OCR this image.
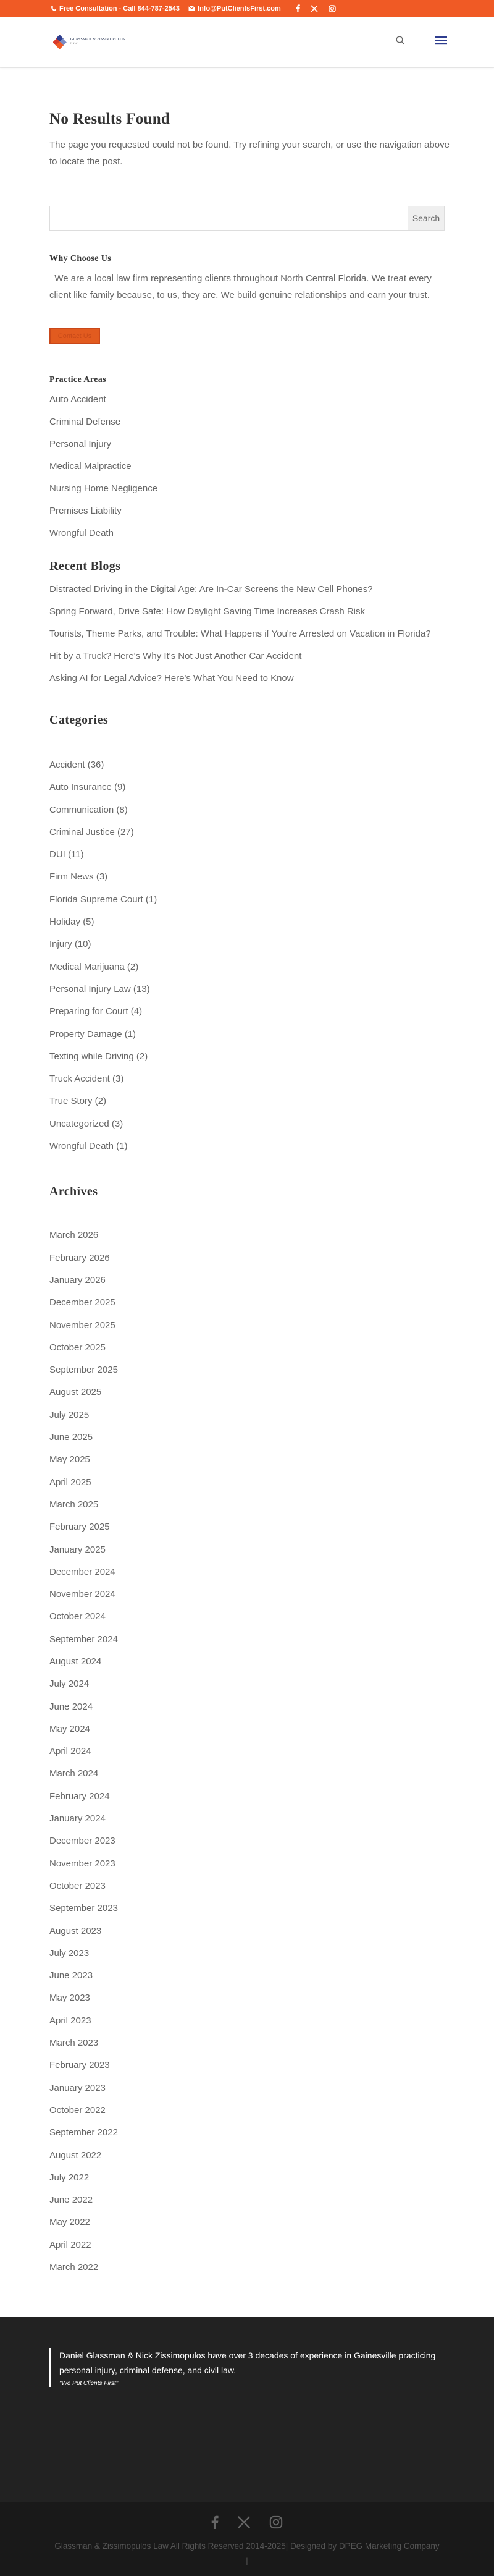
Free Consultation - Call 844-787-2543	Info@PutClientsFirst.com
GLASSMAN & ZISSIMOPULOS
LAW
No Results Found

The page you requested could not be found. Try refining your search, or use the navigation above to locate the post.

Search
Why Choose Us

We are a local law firm representing clients throughout North Central Florida. We treat every client like family because, to us, they are. We build genuine relationships and earn your trust.

Contact Us
Practice Areas
Auto Accident
Criminal Defense
Personal Injury
Medical Malpractice
Nursing Home Negligence
Premises Liability
Wrongful Death
Recent Blogs
Distracted Driving in the Digital Age: Are In-Car Screens the New Cell Phones?
Spring Forward, Drive Safe: How Daylight Saving Time Increases Crash Risk
Tourists, Theme Parks, and Trouble: What Happens if You're Arrested on Vacation in Florida?
Hit by a Truck? Here's Why It's Not Just Another Car Accident
Asking AI for Legal Advice? Here's What You Need to Know
Categories
Accident (36)
Auto Insurance (9)
Communication (8)
Criminal Justice (27)
DUI (11)
Firm News (3)
Florida Supreme Court (1)
Holiday (5)
Injury (10)
Medical Marijuana (2)
Personal Injury Law (13)
Preparing for Court (4)
Property Damage (1)
Texting while Driving (2)
Truck Accident (3)
True Story (2)
Uncategorized (3)
Wrongful Death (1)
Archives
March 2026
February 2026
January 2026
December 2025
November 2025
October 2025
September 2025
August 2025
July 2025
June 2025
May 2025
April 2025
March 2025
February 2025
January 2025
December 2024
November 2024
October 2024
September 2024
August 2024
July 2024
June 2024
May 2024
April 2024
March 2024
February 2024
January 2024
December 2023
November 2023
October 2023
September 2023
August 2023
July 2023
June 2023
May 2023
April 2023
March 2023
February 2023
January 2023
October 2022
September 2022
August 2022
July 2022
June 2022
May 2022
April 2022
March 2022

Daniel Glassman & Nick Zissimopulos have over 3 decades of experience in Gainesville practicing personal injury, criminal defense, and civil law.

"We Put Clients First"

Glassman & Zissimopulos Law All Rights Reserved 2014-2025| Designed by DPEG Marketing Company

|
